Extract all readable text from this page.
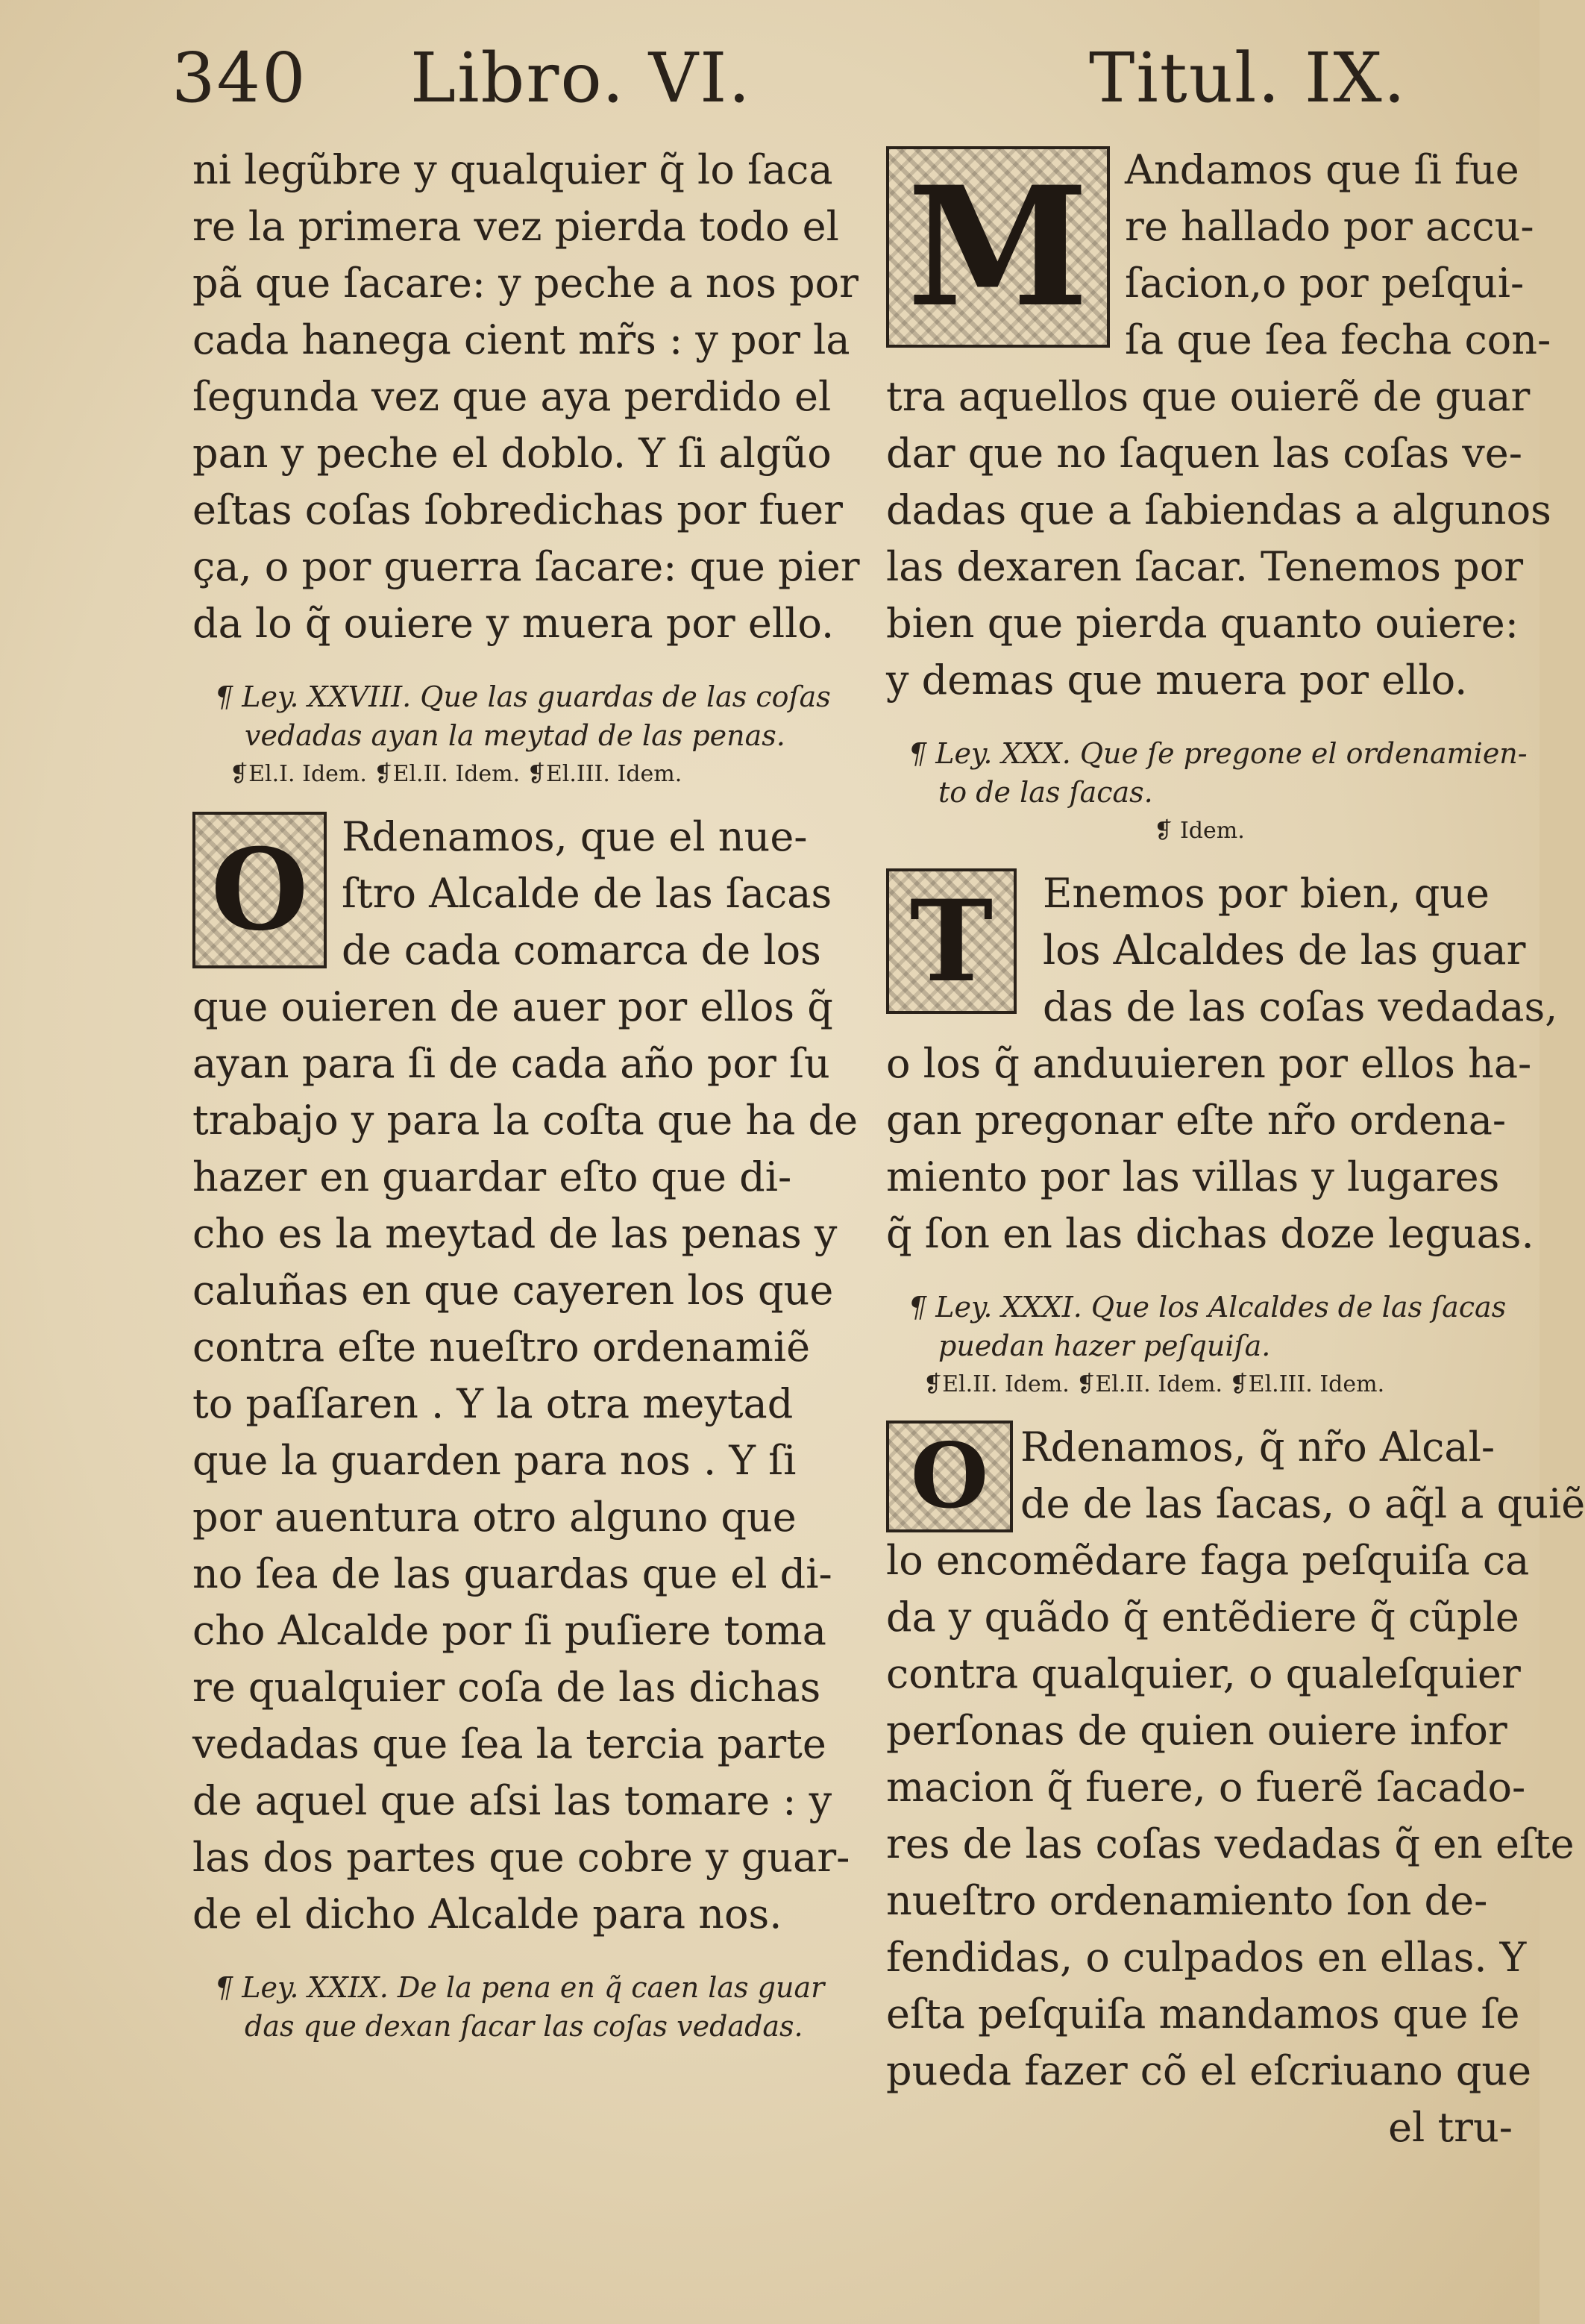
340 Libro. VI.	Titul. IX.
ni legũbre y qualquier q̃ lo ſaca
re la primera vez pierda todo el
pã que ſacare: y peche a nos por
cada hanega cient mr̃s : y por la
ſegunda vez que aya perdido el
pan y peche el doblo. Y ſi algũo
eſtas coſas ſobredichas por fuer
ça, o por guerra ſacare: que pier
da lo q̃ ouiere y muera por ello.
¶ Ley. XXVIII. Que las guardas de las coſas
vedadas ayan la meytad de las penas.
❡El.I. Idem. ❡El.II. Idem. ❡El.III. Idem.
O Rdenamos, que el nue-
ſtro Alcalde de las ſacas
de cada comarca de los
que ouieren de auer por ellos q̃
ayan para ſi de cada año por ſu
trabajo y para la coſta que ha de
hazer en guardar eſto que di-
cho es la meytad de las penas y
caluñas en que cayeren los que
contra eſte nueſtro ordenamiẽ
to paſſaren . Y la otra meytad
que la guarden para nos . Y ſi
por auentura otro alguno que
no ſea de las guardas que el di-
cho Alcalde por ſi puſiere toma
re qualquier coſa de las dichas
vedadas que ſea la tercia parte
de aquel que aſsi las tomare : y
las dos partes que cobre y guar-
de el dicho Alcalde para nos.
¶ Ley. XXIX. De la pena en q̃ caen las guar
das que dexan ſacar las coſas vedadas.
M Andamos que ſi fue
re hallado por accu-
ſacion,o por peſqui-
ſa que ſea fecha con-
tra aquellos que ouierẽ de guar
dar que no ſaquen las coſas ve-
dadas que a ſabiendas a algunos
las dexaren ſacar. Tenemos por
bien que pierda quanto ouiere:
y demas que muera por ello.
¶ Ley. XXX. Que ſe pregone el ordenamien-
to de las ſacas.
❡ Idem.
T	Enemos por bien, que
los Alcaldes de las guar
das de las coſas vedadas,
o los q̃ anduuieren por ellos ha-
gan pregonar eſte nr̃o ordena-
miento por las villas y lugares
q̃ ſon en las dichas doze leguas.
¶ Ley. XXXI. Que los Alcaldes de las ſacas
puedan hazer peſquiſa.
❡El.II. Idem. ❡El.II. Idem. ❡El.III. Idem.
O Rdenamos, q̃ nr̃o Alcal-
de de las ſacas, o aq̃l a quiẽ
lo encomẽdare faga peſquiſa ca
da y quãdo q̃ entẽdiere q̃ cũple
contra qualquier, o qualeſquier
perſonas de quien ouiere infor
macion q̃ fuere, o fuerẽ ſacado-
res de las coſas vedadas q̃ en eſte
nueſtro ordenamiento ſon de-
fendidas, o culpados en ellas. Y
eſta peſquiſa mandamos que ſe
pueda fazer cõ el eſcriuano que
el tru-
